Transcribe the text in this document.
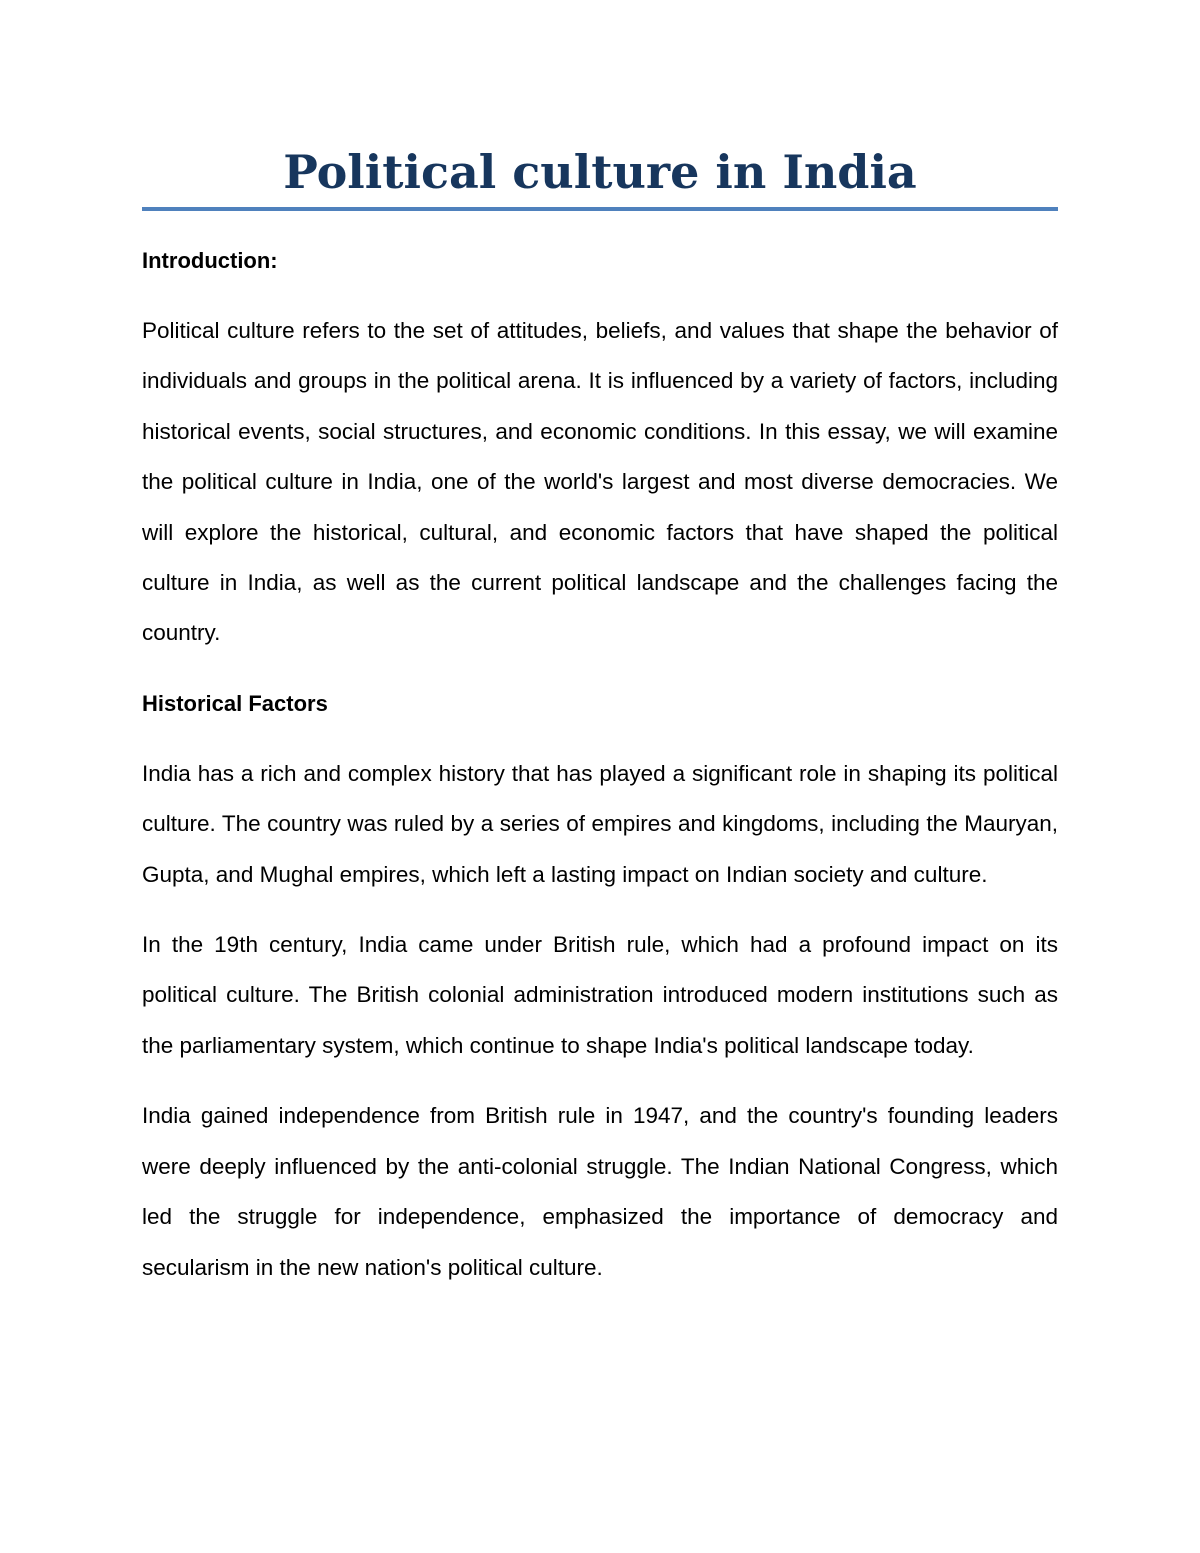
Political culture in India
Introduction:

Political culture refers to the set of attitudes, beliefs, and values that shape the behavior of individuals and groups in the political arena. It is influenced by a variety of factors, including historical events, social structures, and economic conditions. In this essay, we will examine the political culture in India, one of the world's largest and most diverse democracies. We will explore the historical, cultural, and economic factors that have shaped the political culture in India, as well as the current political landscape and the challenges facing the country.

Historical Factors

India has a rich and complex history that has played a significant role in shaping its political culture. The country was ruled by a series of empires and kingdoms, including the Mauryan, Gupta, and Mughal empires, which left a lasting impact on Indian society and culture.

In the 19th century, India came under British rule, which had a profound impact on its political culture. The British colonial administration introduced modern institutions such as the parliamentary system, which continue to shape India's political landscape today.

India gained independence from British rule in 1947, and the country's founding leaders were deeply influenced by the anti-colonial struggle. The Indian National Congress, which led the struggle for independence, emphasized the importance of democracy and secularism in the new nation's political culture.
